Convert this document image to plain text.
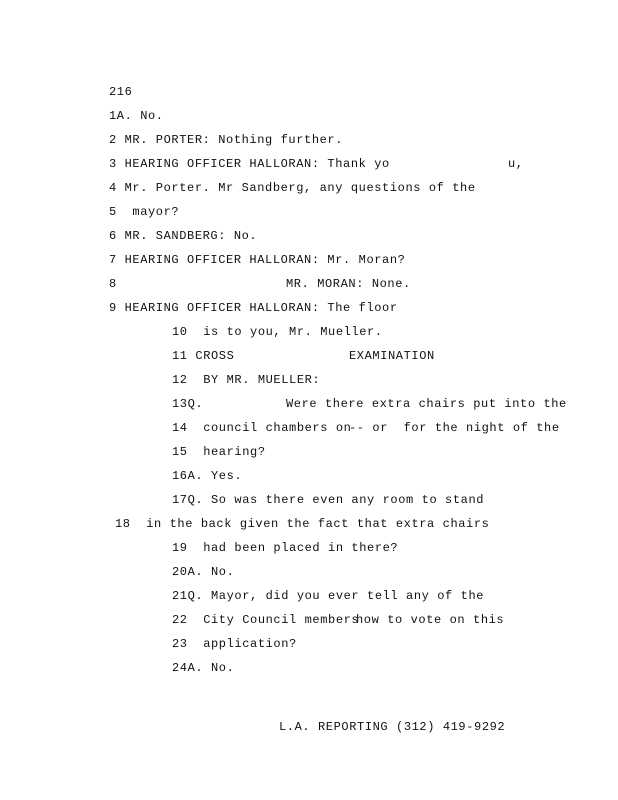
216
1A. No.
2 MR. PORTER: Nothing further.
3 HEARING OFFICER HALLORAN: Thank yo	u,
4 Mr. Porter. Mr Sandberg, any questions of the
5  mayor?
6 MR. SANDBERG: No.
7 HEARING OFFICER HALLORAN: Mr. Moran?
8	MR. MORAN: None.
9 HEARING OFFICER HALLORAN: The floor
10  is to you, Mr. Mueller.
11 CROSS	EXAMINATION
12  BY MR. MUELLER:
13Q.	Were there extra chairs put into the
14  council chambers on
-- or  for the night of the
15  hearing?
16A. Yes.
17Q. So was there even any room to stand
18  in the back given the fact that extra chairs
19  had been placed in there?
20A. No.
21Q. Mayor, did you ever tell any of the
22  City Council members
how to vote on this
23  application?
24A. No.
L.A. REPORTING (312) 419-9292
